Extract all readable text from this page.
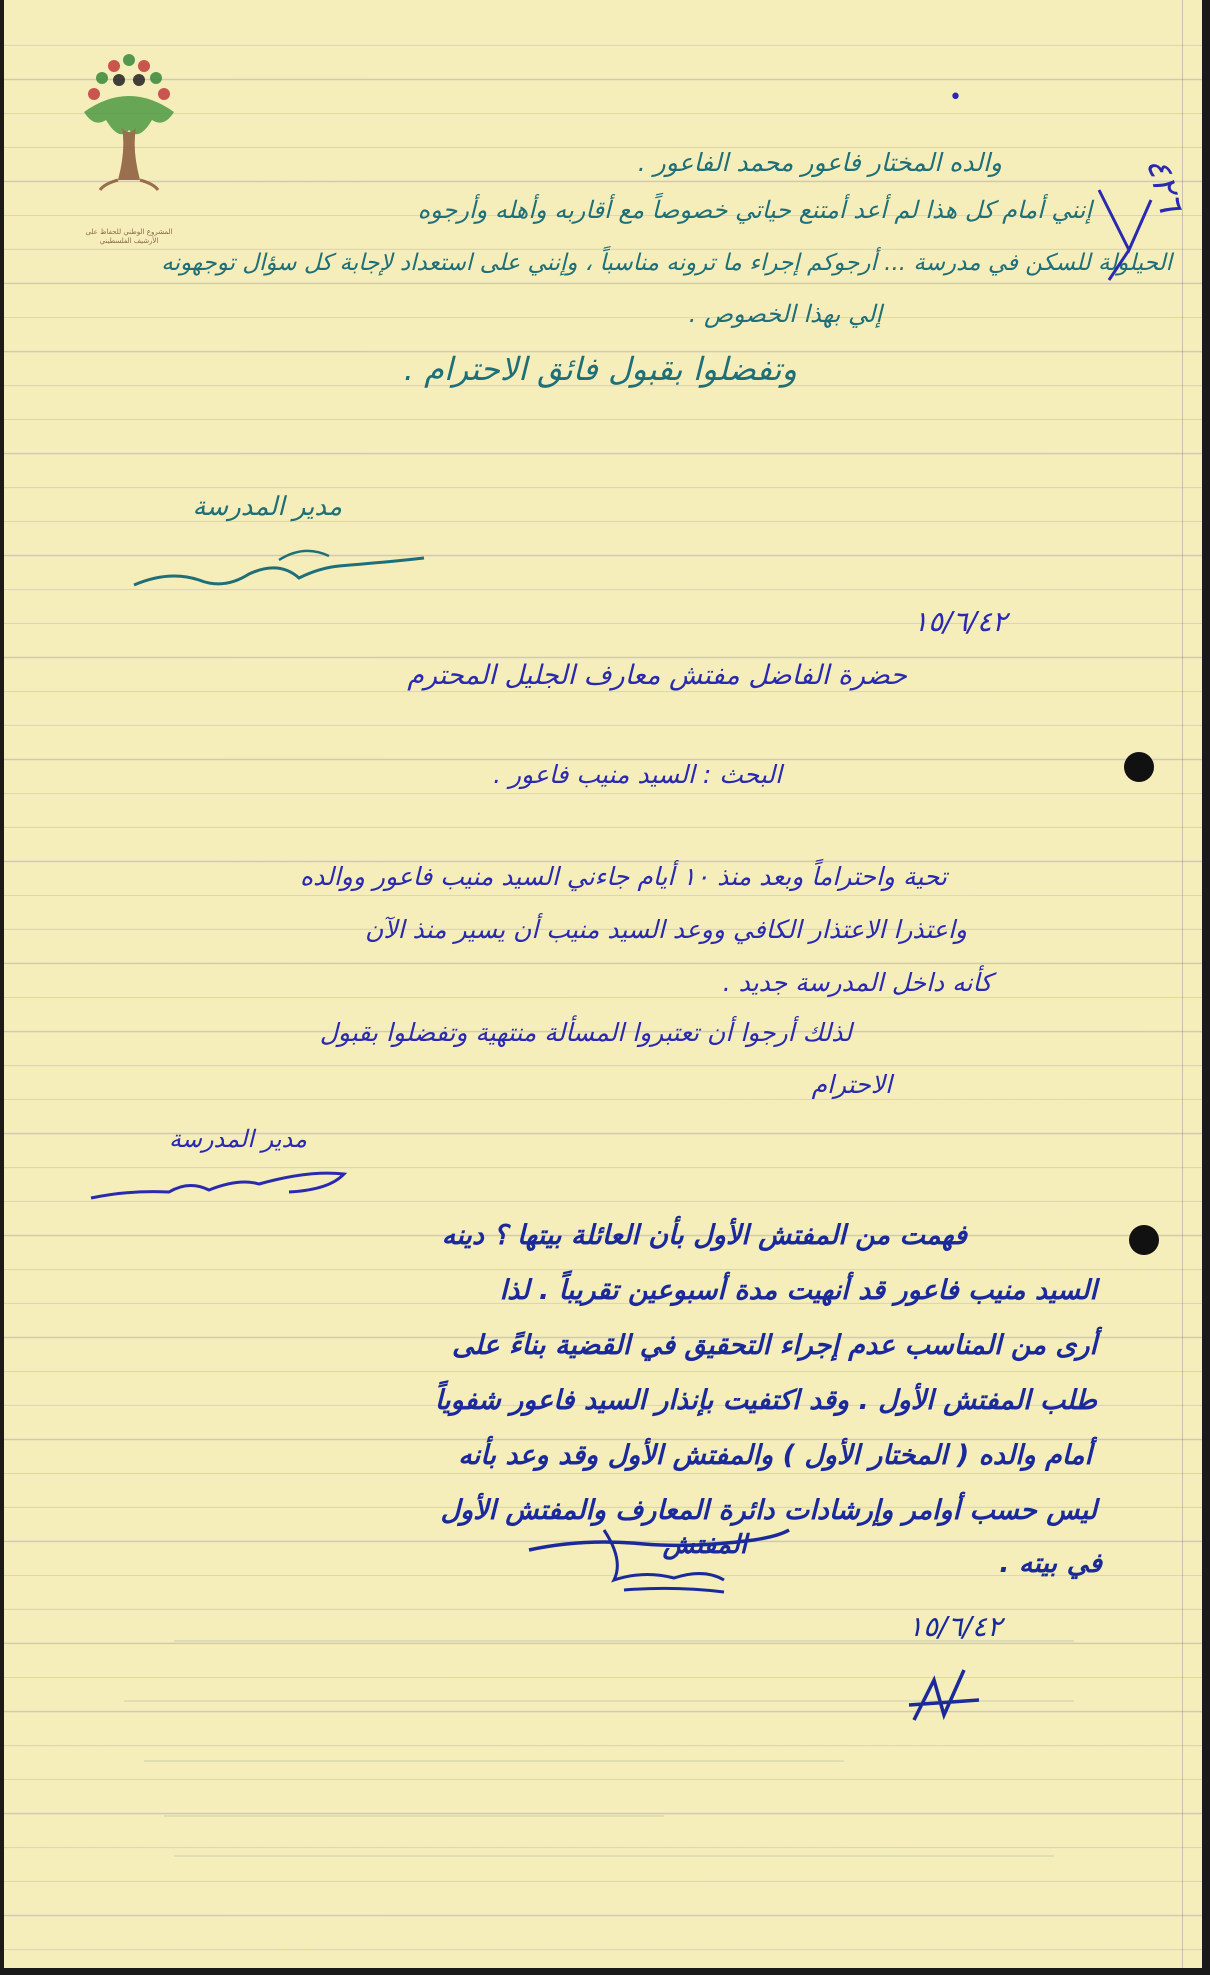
المشروع الوطني للحفاظ على الأرشيف الفلسطيني
•
والده المختار فاعور محمد الفاعور .
إنني أمام كل هذا لم أعد أمتنع حياتي خصوصاً مع أقاربه وأهله وأرجوه
الحيلولة للسكن في مدرسة ... أرجوكم إجراء ما ترونه مناسباً ، وإنني على استعداد لإجابة كل سؤال توجهونه
إلي بهذا الخصوص .
وتفضلوا بقبول فائق الاحترام .
مدير المدرسة
٤٢٦
١٥/٦/٤٢
حضرة الفاضل مفتش معارف الجليل المحترم
البحث : السيد منيب فاعور .
تحية واحتراماً وبعد منذ ١٠ أيام جاءني السيد منيب فاعور ووالده
واعتذرا الاعتذار الكافي ووعد السيد منيب أن يسير منذ الآن
كأنه داخل المدرسة جديد .
لذلك أرجوا أن تعتبروا المسألة منتهية وتفضلوا بقبول
الاحترام
مدير المدرسة
فهمت من المفتش الأول بأن العائلة بيتها ؟ دينه
السيد منيب فاعور قد أنهيت مدة أسبوعين تقريباً . لذا
أرى من المناسب عدم إجراء التحقيق في القضية بناءً على
طلب المفتش الأول . وقد اكتفيت بإنذار السيد فاعور شفوياً
أمام والده ( المختار الأول ) والمفتش الأول وقد وعد بأنه
ليس حسب أوامر وإرشادات دائرة المعارف والمفتش الأول
في بيته .
المفتش
١٥/٦/٤٢
